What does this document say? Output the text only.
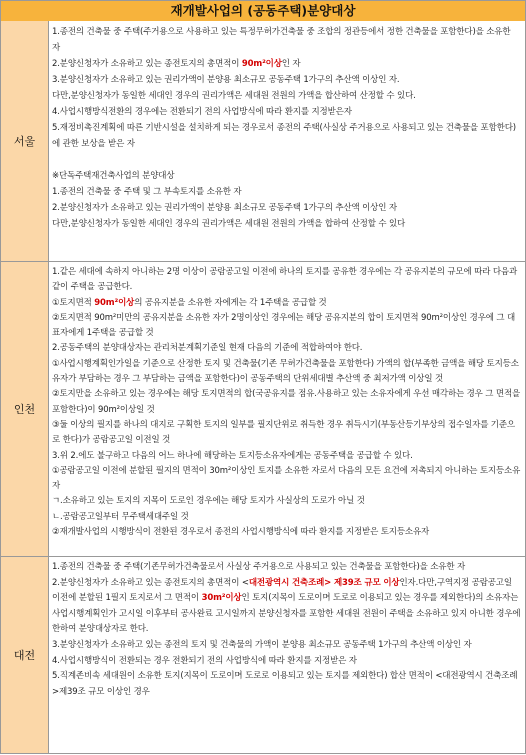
재개발사업의 (공동주택)분양대상
서울

1.종전의 건축물 중 주택(주거용으로 사용하고 있는 특정무허가건축물 중 조합의 정관등에서 정한 건축물을 포함한다)을 소유한 자

2.분양신청자가 소유하고 있는 종전토지의 총면적이 90m²이상인 자

3.분양신청자가 소유하고 있는 권리가액이 분양용 최소규모 공동주택 1가구의 추산액 이상인 자.

다만,분양신청자가 동일한 세대인 경우의 권리가액은 세대원 전원의 가액을 합산하여 산정할 수 있다.

4.사업시행방식전환의 경우에는 전환되기 전의 사업방식에 따라 환지를 지정받은자

5.재정비촉진계획에 따른 기반시설을 설치하게 되는 경우로서 종전의 주택(사실상 주거용으로 사용되고 있는 건축물을 포함한다)에 관한 보상을 받은 자

※단독주택재건축사업의 분양대상

1.종전의 건축물 중 주택 및 그 부속토지를 소유한 자

2.분양신청자가 소유하고 있는 권리가액이 분양용 최소규모 공동주택 1가구의 추산액 이상인 자

다만,분양신청자가 동일한 세대인 경우의 권리가액은 세대원 전원의 가액을 합하여 산정할 수 있다

인천

1.같은 세대에 속하지 아니하는 2명 이상이 공람공고일 이전에 하나의 토지를 공유한 경우에는 각 공유지분의 규모에 따라 다음과 같이 주택을 공급한다.

①토지면적 90m²이상의 공유지분을 소유한 자에게는 각 1주택을 공급할 것

②토지면적 90m²미만의 공유지분을 소유한 자가 2명이상인 경우에는 해당 공유지분의 합이 토지면적 90m²이상인 경우에 그 대표자에게 1주택을 공급할 것

2.공동주택의 분양대상자는 관리처분계획기준일 현재 다음의 기준에 적합하여야 한다.

①사업시행계획인가일을 기준으로 산정한 토지 및 건축물(기존 무허가건축물을 포함한다) 가액의 합(부족한 금액을 해당 토지등소유자가 부담하는 경우 그 부담하는 금액을 포함한다)이 공동주택의 단위세대별 추산액 중 최저가액 이상일 것

②토지만을 소유하고 있는 경우에는 해당 토지면적의 합(국공유지를 점유.사용하고 있는 소유자에게 우선 매각하는 경우 그 면적을 포함한다)이 90m²이상일 것

③둘 이상의 필지를 하나의 대지로 구획한 토지의 일부를 필지단위로 취득한 경우 취득시기(부동산등기부상의 접수일자를 기준으로 한다)가 공람공고일 이전일 것

3.위 2.에도 불구하고 다음의 어느 하나에 해당하는 토지등소유자에게는 공동주택을 공급할 수 있다.

①공람공고일 이전에 분할된 필지의 면적이 30m²이상인 토지를 소유한 자로서 다음의 모든 요건에 저촉되지 아니하는 토지등소유자

ㄱ.소유하고 있는 토지의 지목이 도로인 경우에는 해당 토지가 사실상의 도로가 아닐 것

ㄴ.공람공고일부터 무주택세대주일 것

②재개발사업의 시행방식이 전환된 경우로서 종전의 사업시행방식에 따라 환지를 지정받은 토지등소유자

대전

1.종전의 건축물 중 주택(기존무허가건축물로서 사실상 주거용으로 사용되고 있는 건축물을 포함한다)을 소유한 자

2.분양신청자가 소유하고 있는 종전토지의 총면적이 <대전광역시 건축조례> 제39조 규모 이상인자.다만,구역지정 공람공고일 이전에 분할된 1필지 토지로서 그 면적이 30m²이상인 토지(지목이 도로이며 도로로 이용되고 있는 경우를 제외한다)의 소유자는 사업시행계획인가 고시일 이후부터 공사완료 고시일까지 분양신청자를 포함한 세대원 전원이 주택을 소유하고 있지 아니한 경우에 한하여 분양대상자로 한다.

3.분양신청자가 소유하고 있는 종전의 토지 및 건축물의 가액이 분양용 최소규모 공동주택 1가구의 추산액 이상인 자

4.사업시행방식이 전환되는 경우 전환되기 전의 사업방식에 따라 환지를 지정받은 자

5.직계존비속 세대원이 소유한 토지(지목이 도로이며 도로로 이용되고 있는 토지를 제외한다) 합산 면적이 <대전광역시 건축조례>제39조 규모 이상인 경우
